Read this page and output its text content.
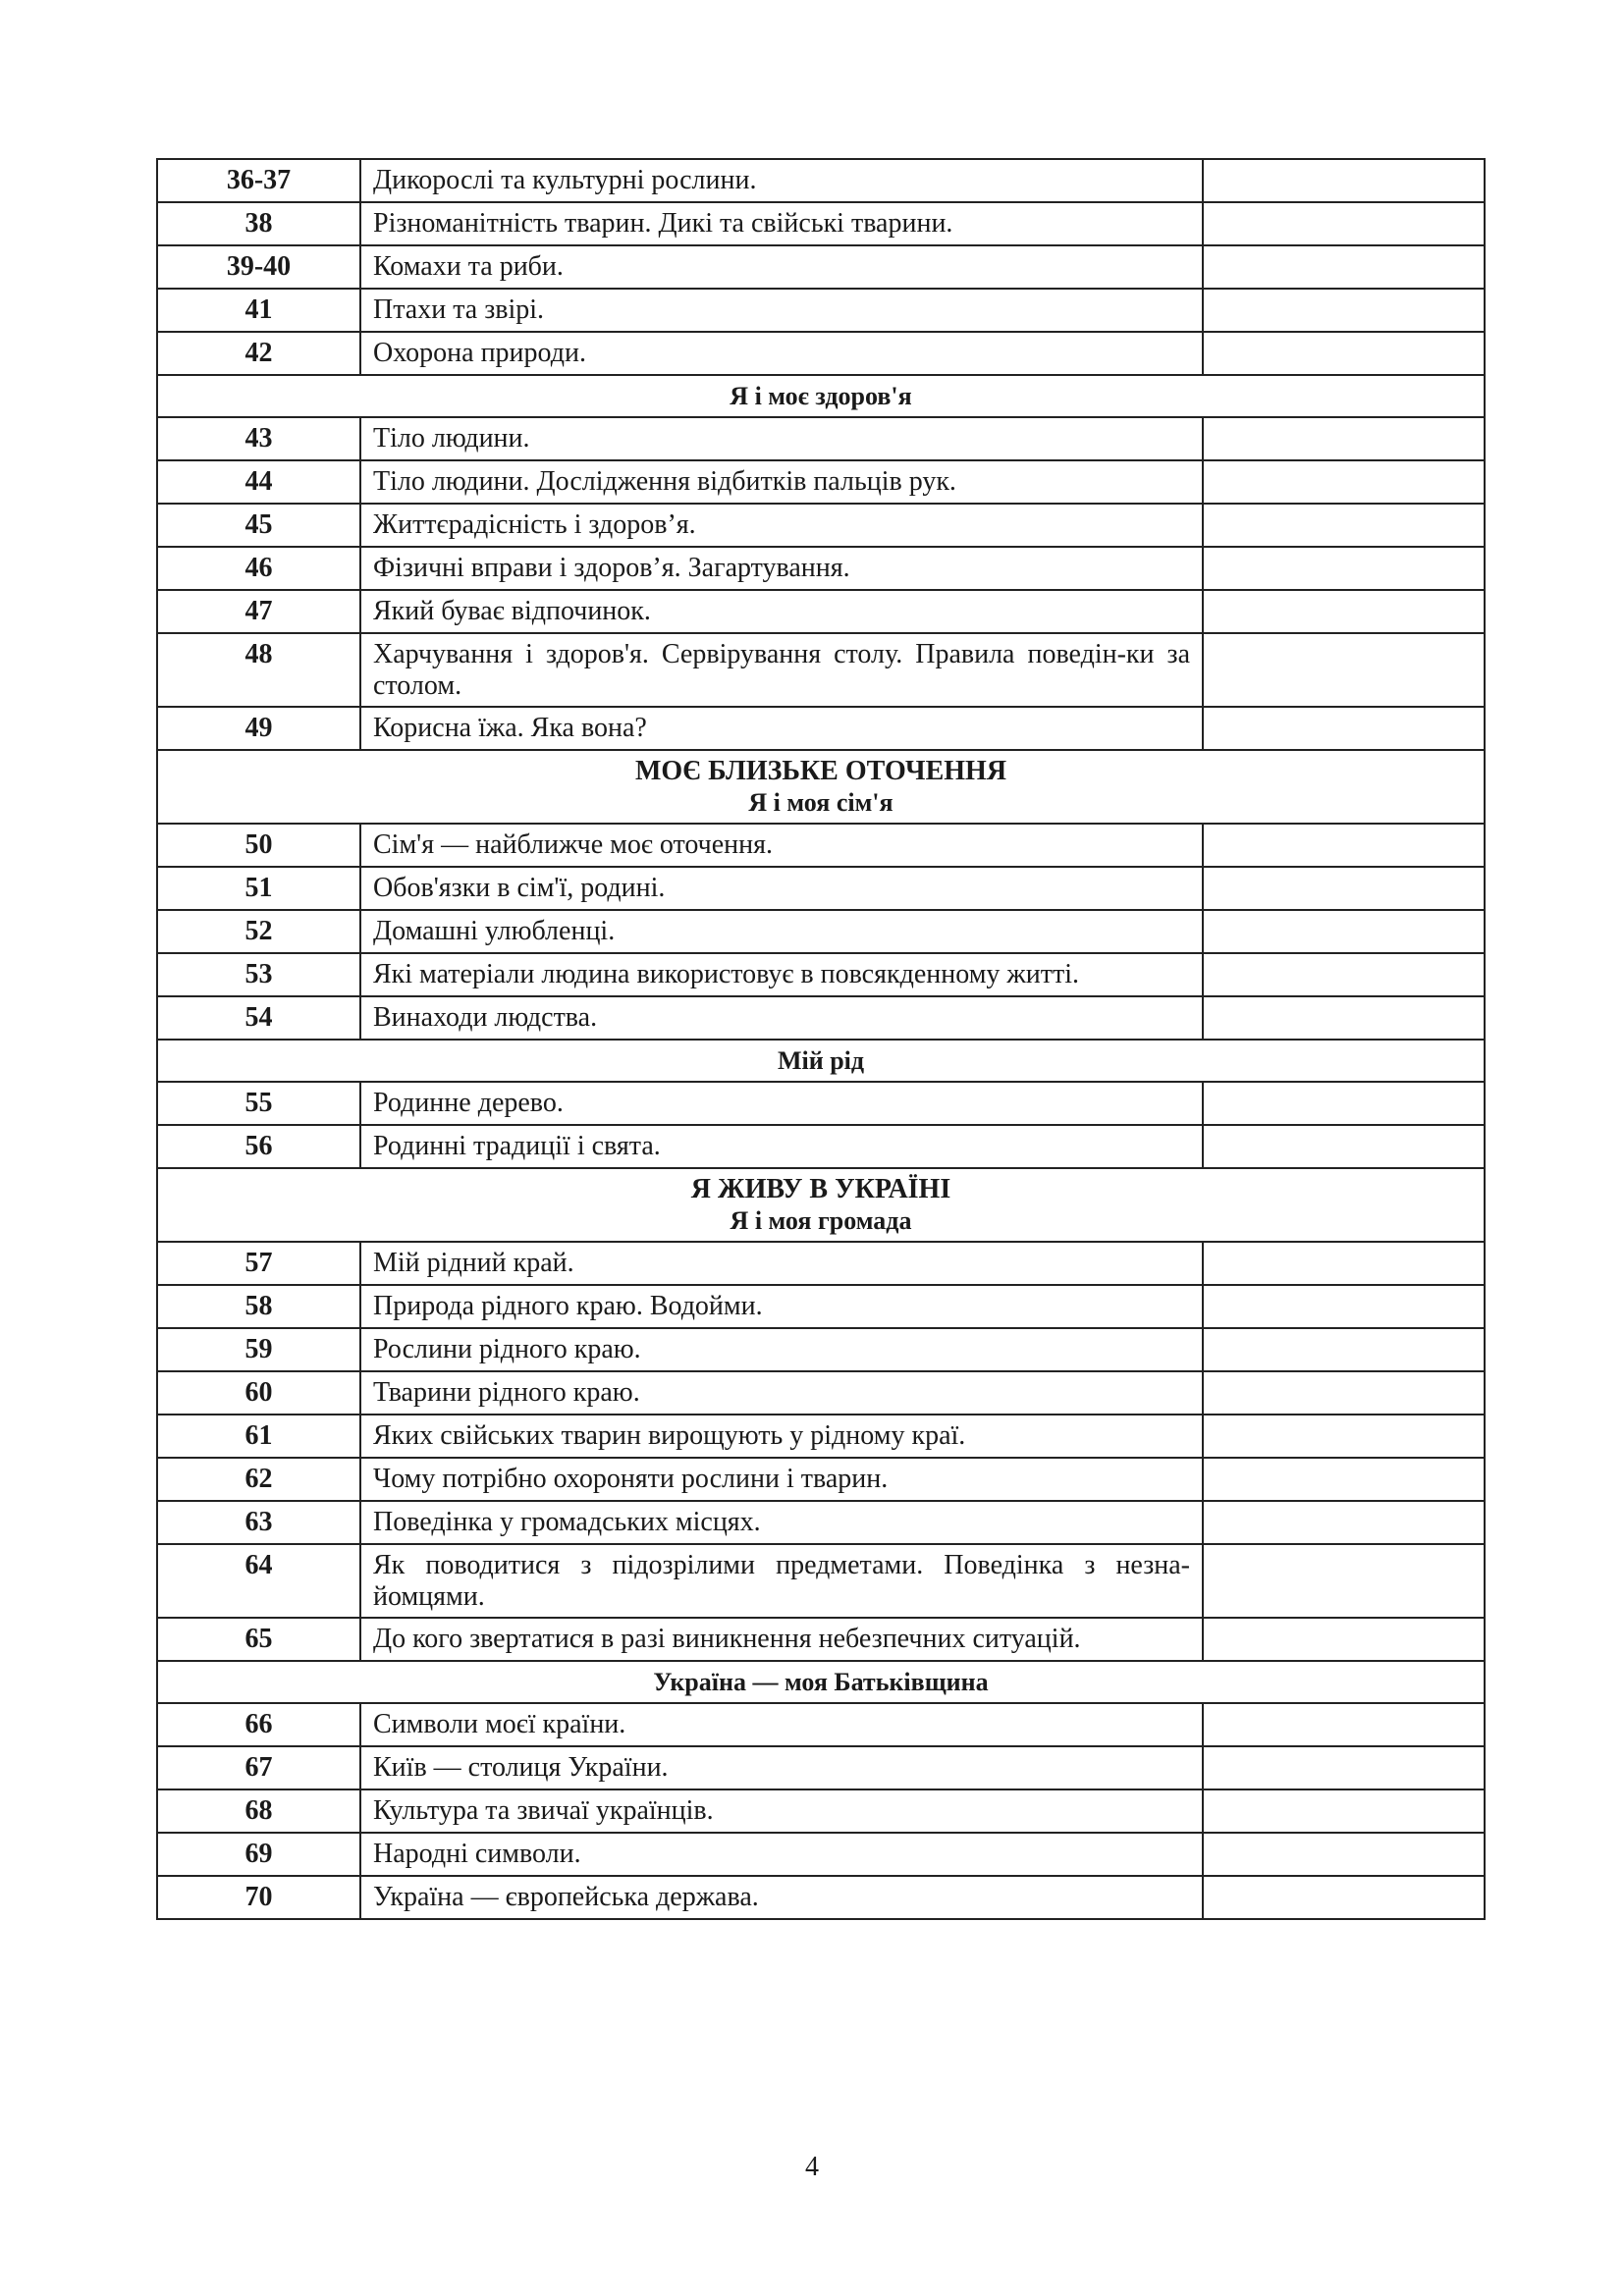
36-37	Дикорослі та культурні рослини.	
38	Різноманітність тварин. Дикі та свійські тварини.	
39-40	Комахи та риби.	
41	Птахи та звірі.	
42	Охорона природи.	

Я і моє здоров'я		

43	Тіло людини.	
44	Тіло людини. Дослідження відбитків пальців рук.	
45	Життєрадісність і здоров’я.	
46	Фізичні вправи і здоров’я. Загартування.	
47	Який буває відпочинок.	
48	Харчування і здоров'я. Сервірування столу. Правила поведін-ки за столом.	
49	Корисна їжа. Яка вона?	

МОЄ БЛИЗЬКЕ ОТОЧЕННЯ
Я і моя сім'я		

50	Сім'я — найближче моє оточення.	
51	Обов'язки в сім'ї, родині.	
52	Домашні улюбленці.	
53	Які матеріали людина використовує в повсякденному житті.	
54	Винаходи людства.	

Мій рід		

55	Родинне дерево.	
56	Родинні традиції і свята.	

Я ЖИВУ В УКРАЇНІ
Я і моя громада		

57	Мій рідний край.	
58	Природа рідного краю. Водойми.	
59	Рослини рідного краю.	
60	Тварини рідного краю.	
61	Яких свійських тварин вирощують у рідному краї.	
62	Чому потрібно охороняти рослини і тварин.	
63	Поведінка у громадських місцях.	
64	Як поводитися з підозрілими предметами. Поведінка з незна-йомцями.	
65	До кого звертатися в разі виникнення небезпечних ситуацій.	

Україна — моя Батьківщина		

66	Символи моєї країни.	
67	Київ — столиця України.	
68	Культура та звичаї українців.	
69	Народні символи.	
70	Україна — європейська держава.	
4
